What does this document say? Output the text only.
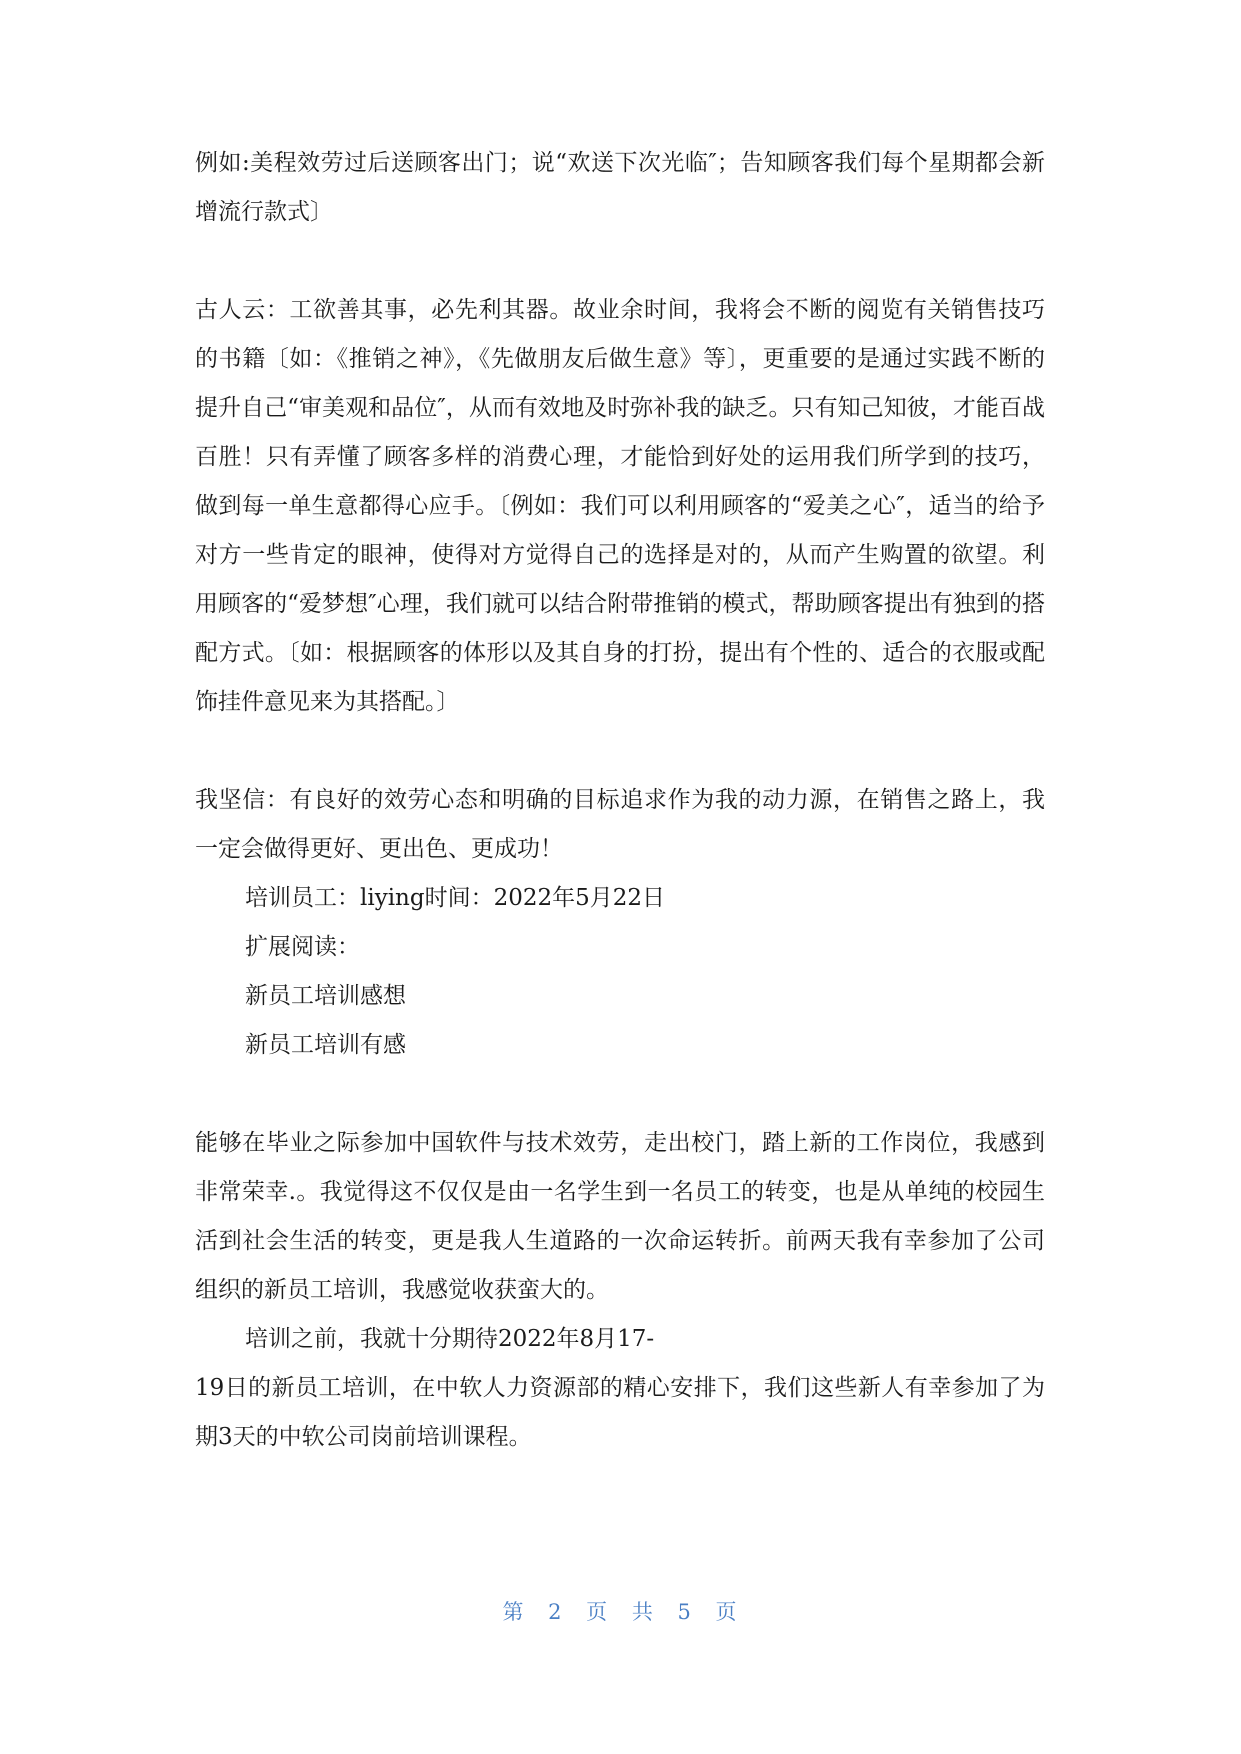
例如:美程效劳过后送顾客出门；说“欢送下次光临″；告知顾客我们每个星期都会新增流行款式〕

古人云：工欲善其事，必先利其器。故业余时间，我将会不断的阅览有关销售技巧的书籍〔如：《推销之神》，《先做朋友后做生意》等〕，更重要的是通过实践不断的提升自己“审美观和品位″，从而有效地及时弥补我的缺乏。只有知己知彼，才能百战百胜！只有弄懂了顾客多样的消费心理，才能恰到好处的运用我们所学到的技巧，做到每一单生意都得心应手。〔例如：我们可以利用顾客的“爱美之心″，适当的给予对方一些肯定的眼神，使得对方觉得自己的选择是对的，从而产生购置的欲望。利用顾客的“爱梦想″心理，我们就可以结合附带推销的模式，帮助顾客提出有独到的搭配方式。〔如：根据顾客的体形以及其自身的打扮，提出有个性的、适合的衣服或配饰挂件意见来为其搭配。〕

我坚信：有良好的效劳心态和明确的目标追求作为我的动力源，在销售之路上，我一定会做得更好、更出色、更成功！

培训员工：liying时间：2022年5月22日

扩展阅读：

新员工培训感想

新员工培训有感

能够在毕业之际参加中国软件与技术效劳，走出校门，踏上新的工作岗位，我感到非常荣幸.。我觉得这不仅仅是由一名学生到一名员工的转变，也是从单纯的校园生活到社会生活的转变，更是我人生道路的一次命运转折。前两天我有幸参加了公司组织的新员工培训，我感觉收获蛮大的。

培训之前，我就十分期待2022年8月17-

19日的新员工培训，在中软人力资源部的精心安排下，我们这些新人有幸参加了为期3天的中软公司岗前培训课程。

第 2 页 共 5 页
